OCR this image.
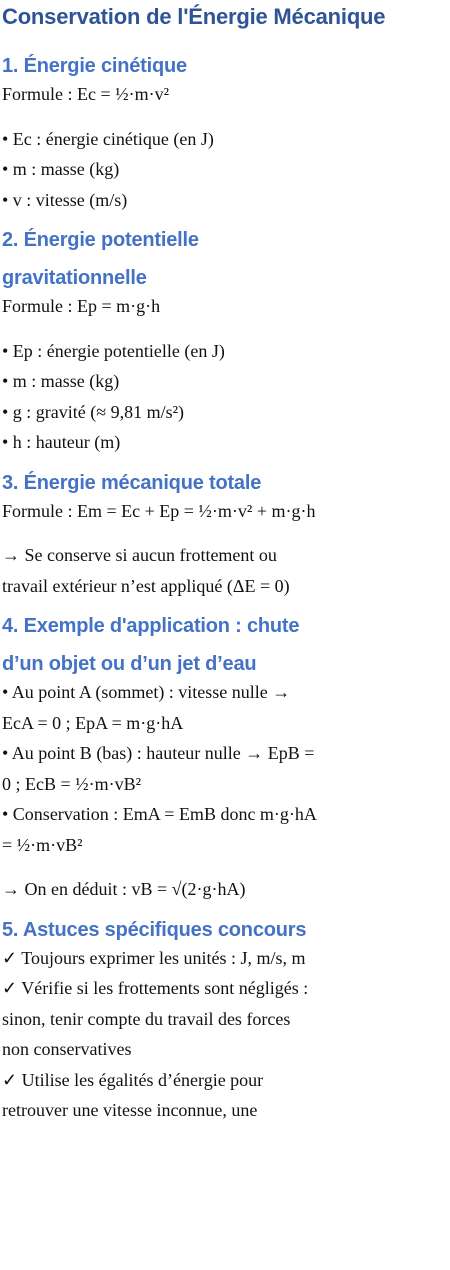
Conservation de l'Énergie Mécanique
1. Énergie cinétique
Formule : Ec = ½·m·v²
• Ec : énergie cinétique (en J)
• m : masse (kg)
• v : vitesse (m/s)
2. Énergie potentielle
gravitationnelle
Formule : Ep = m·g·h
• Ep : énergie potentielle (en J)
• m : masse (kg)
• g : gravité (≈ 9,81 m/s²)
• h : hauteur (m)
3. Énergie mécanique totale
Formule : Em = Ec + Ep = ½·m·v² + m·g·h
→ Se conserve si aucun frottement ou
travail extérieur n’est appliqué (ΔE = 0)
4. Exemple d'application : chute
d’un objet ou d’un jet d’eau
• Au point A (sommet) : vitesse nulle →
EcA = 0 ; EpA = m·g·hA
• Au point B (bas) : hauteur nulle → EpB =
0 ; EcB = ½·m·vB²
• Conservation : EmA = EmB donc m·g·hA
= ½·m·vB²
→ On en déduit : vB = √(2·g·hA)
5. Astuces spécifiques concours
✓ Toujours exprimer les unités : J, m/s, m
✓ Vérifie si les frottements sont négligés :
sinon, tenir compte du travail des forces
non conservatives
✓ Utilise les égalités d’énergie pour
retrouver une vitesse inconnue, une
